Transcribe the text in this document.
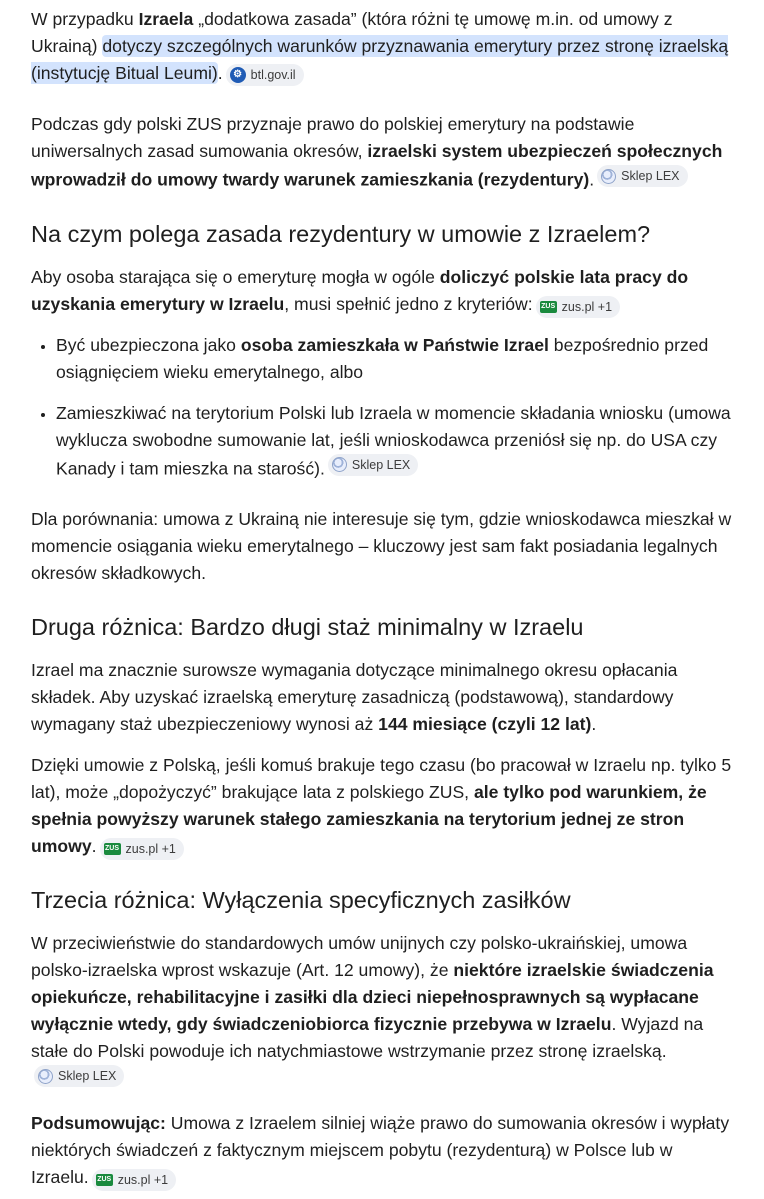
W przypadku Izraela „dodatkowa zasada” (która różni tę umowę m.in. od umowy z Ukrainą) dotyczy szczególnych warunków przyznawania emerytury przez stronę izraelską (instytucję Bitual Leumi).	⚙ btl.gov.il

Podczas gdy polski ZUS przyznaje prawo do polskiej emerytury na podstawie uniwersalnych zasad sumowania okresów, izraelski system ubezpieczeń społecznych wprowadził do umowy twardy warunek zamieszkania (rezydentury). Sklep LEX

Na czym polega zasada rezydentury w umowie z Izraelem?

Aby osoba starająca się o emeryturę mogła w ogóle doliczyć polskie lata pracy do uzyskania emerytury w Izraelu, musi spełnić jedno z kryteriów: ZUS zus.pl +1

• Być ubezpieczona jako osoba zamieszkała w Państwie Izrael bezpośrednio przed osiągnięciem wieku emerytalnego, albo
• Zamieszkiwać na terytorium Polski lub Izraela w momencie składania wniosku (umowa wyklucza swobodne sumowanie lat, jeśli wnioskodawca przeniósł się np. do USA czy Kanady i tam mieszka na starość). Sklep LEX

Dla porównania: umowa z Ukrainą nie interesuje się tym, gdzie wnioskodawca mieszkał w momencie osiągania wieku emerytalnego – kluczowy jest sam fakt posiadania legalnych okresów składkowych.

Druga różnica: Bardzo długi staż minimalny w Izraelu

Izrael ma znacznie surowsze wymagania dotyczące minimalnego okresu opłacania składek. Aby uzyskać izraelską emeryturę zasadniczą (podstawową), standardowy wymagany staż ubezpieczeniowy wynosi aż 144 miesiące (czyli 12 lat).

Dzięki umowie z Polską, jeśli komuś brakuje tego czasu (bo pracował w Izraelu np. tylko 5 lat), może „dopożyczyć” brakujące lata z polskiego ZUS, ale tylko pod warunkiem, że spełnia powyższy warunek stałego zamieszkania na terytorium jednej ze stron umowy. ZUS zus.pl +1

Trzecia różnica: Wyłączenia specyficznych zasiłków

W przeciwieństwie do standardowych umów unijnych czy polsko-ukraińskiej, umowa polsko-izraelska wprost wskazuje (Art. 12 umowy), że niektóre izraelskie świadczenia opiekuńcze, rehabilitacyjne i zasiłki dla dzieci niepełnosprawnych są wypłacane wyłącznie wtedy, gdy świadczeniobiorca fizycznie przebywa w Izraelu. Wyjazd na stałe do Polski powoduje ich natychmiastowe wstrzymanie przez stronę izraelską.
Sklep LEX

Podsumowując: Umowa z Izraelem silniej wiąże prawo do sumowania okresów i wypłaty niektórych świadczeń z faktycznym miejscem pobytu (rezydenturą) w Polsce lub w Izraelu. ZUS zus.pl +1
